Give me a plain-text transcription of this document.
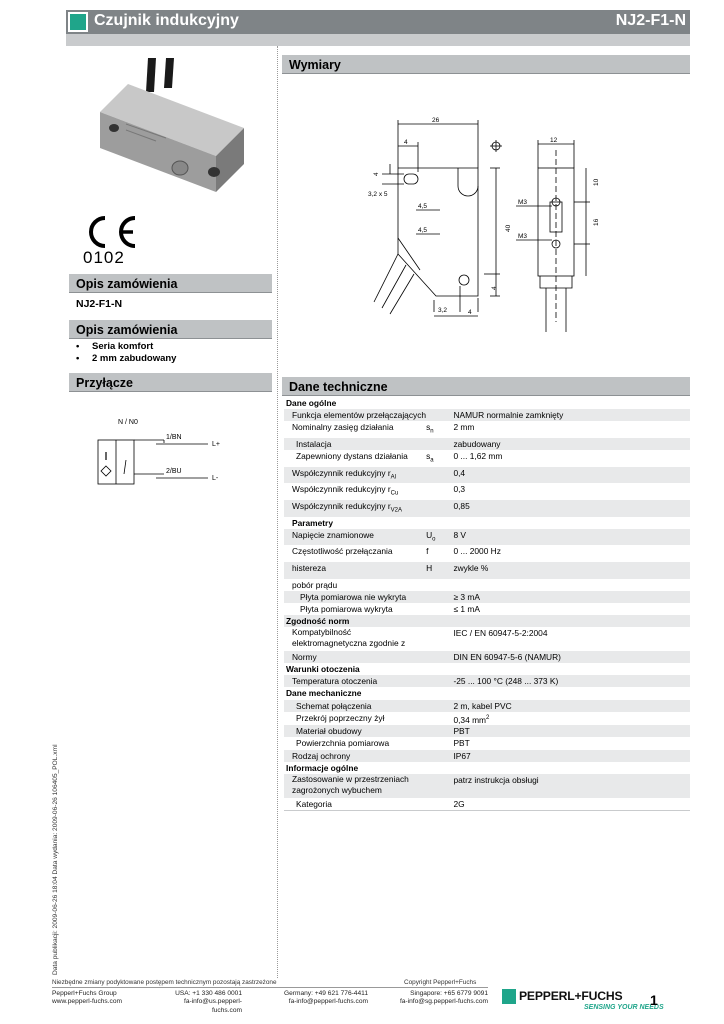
Czujnik indukcyjny	NJ2-F1-N
0102
Opis zamówienia
NJ2-F1-N
Opis zamówienia
• Seria komfort
• 2 mm zabudowany
Przyłącze
N / N0
1/BN
2/BU
L+
L-
Wymiary
26
4
4
3,2 x 5
4,5
4,5	40
4
3,2	4
12
10
16
M3
M3
Dane techniczne
Dane ogólne		
Funkcja elementów przełączających		NAMUR normalnie zamknięty
Nominalny zasięg działania	$s_n$	2 mm
Instalacja		zabudowany
Zapewniony dystans działania	$s_a$	0 ... 1,62 mm
Współczynnik redukcyjny $r_{Al}$		0,4
Współczynnik redukcyjny $r_{Cu}$		0,3
Współczynnik redukcyjny $r_{V2A}$		0,85
Parametry		
Napięcie znamionowe	$U_o$	8 V
Częstotliwość przełączania	f	0 ... 2000 Hz
histereza	H	zwykle %
pobór prądu		
Płyta pomiarowa nie wykryta		≥ 3 mA
Płyta pomiarowa wykryta		≤ 1 mA
Zgodność norm		
Kompatybilność elektromagnetyczna zgodnie z		IEC / EN 60947-5-2:2004
Normy		DIN EN 60947-5-6 (NAMUR)
Warunki otoczenia		
Temperatura otoczenia		-25 ... 100 °C (248 ... 373 K)
Dane mechaniczne		
Schemat połączenia		2 m, kabel PVC
Przekrój poprzeczny żył		0,34 $mm^2$
Materiał obudowy		PBT
Powierzchnia pomiarowa		PBT
Rodzaj ochrony		IP67
Informacje ogólne		
Zastosowanie w przestrzeniach zagrożonych wybuchem		patrz instrukcja obsługi
Kategoria		2G
Data publikacji: 2009-06-26 18:04 Data wydania: 2009-06-26 106405_POL.xml
Niezbędne zmiany podyktowane postępem technicznym pozostają zastrzeżone	Copyright Pepperl+Fuchs
Pepperl+Fuchs Group
www.pepperl-fuchs.com
USA: +1 330 486 0001
fa-info@us.pepperl-fuchs.com
Germany: +49 621 776-4411
fa-info@pepperl-fuchs.com
Singapore: +65 6779 9091
fa-info@sg.pepperl-fuchs.com	PEPPERL+FUCHS
SENSING YOUR NEEDS
1
